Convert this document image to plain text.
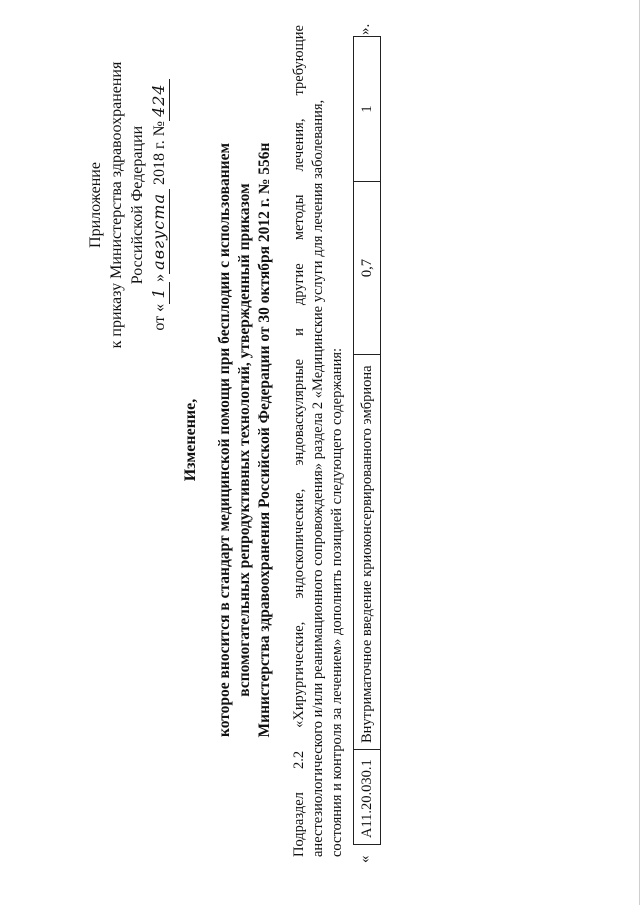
Приложение к приказу Министерства здравоохранения Российской Федерации
от «1»августа 2018 г. №424
Изменение, которое вносится в стандарт медицинской помощи при бесплодии с использованием вспомогательных репродуктивных технологий, утвержденный приказом Министерства здравоохранения Российской Федерации от 30 октября 2012 г. № 556н Подраздел 2.2 «Хирургические, эндоскопические, эндоваскулярные и другие методы лечения, требующие анестезиологического и/или реанимационного сопровождения» раздела 2 «Медицинские услуги для лечения заболевания, состояния и контроля за лечением» дополнить позицией следующего содержания:
«
А11.20.030.1	Внутриматочное введение криоконсервированного эмбриона	0,7	1
».
